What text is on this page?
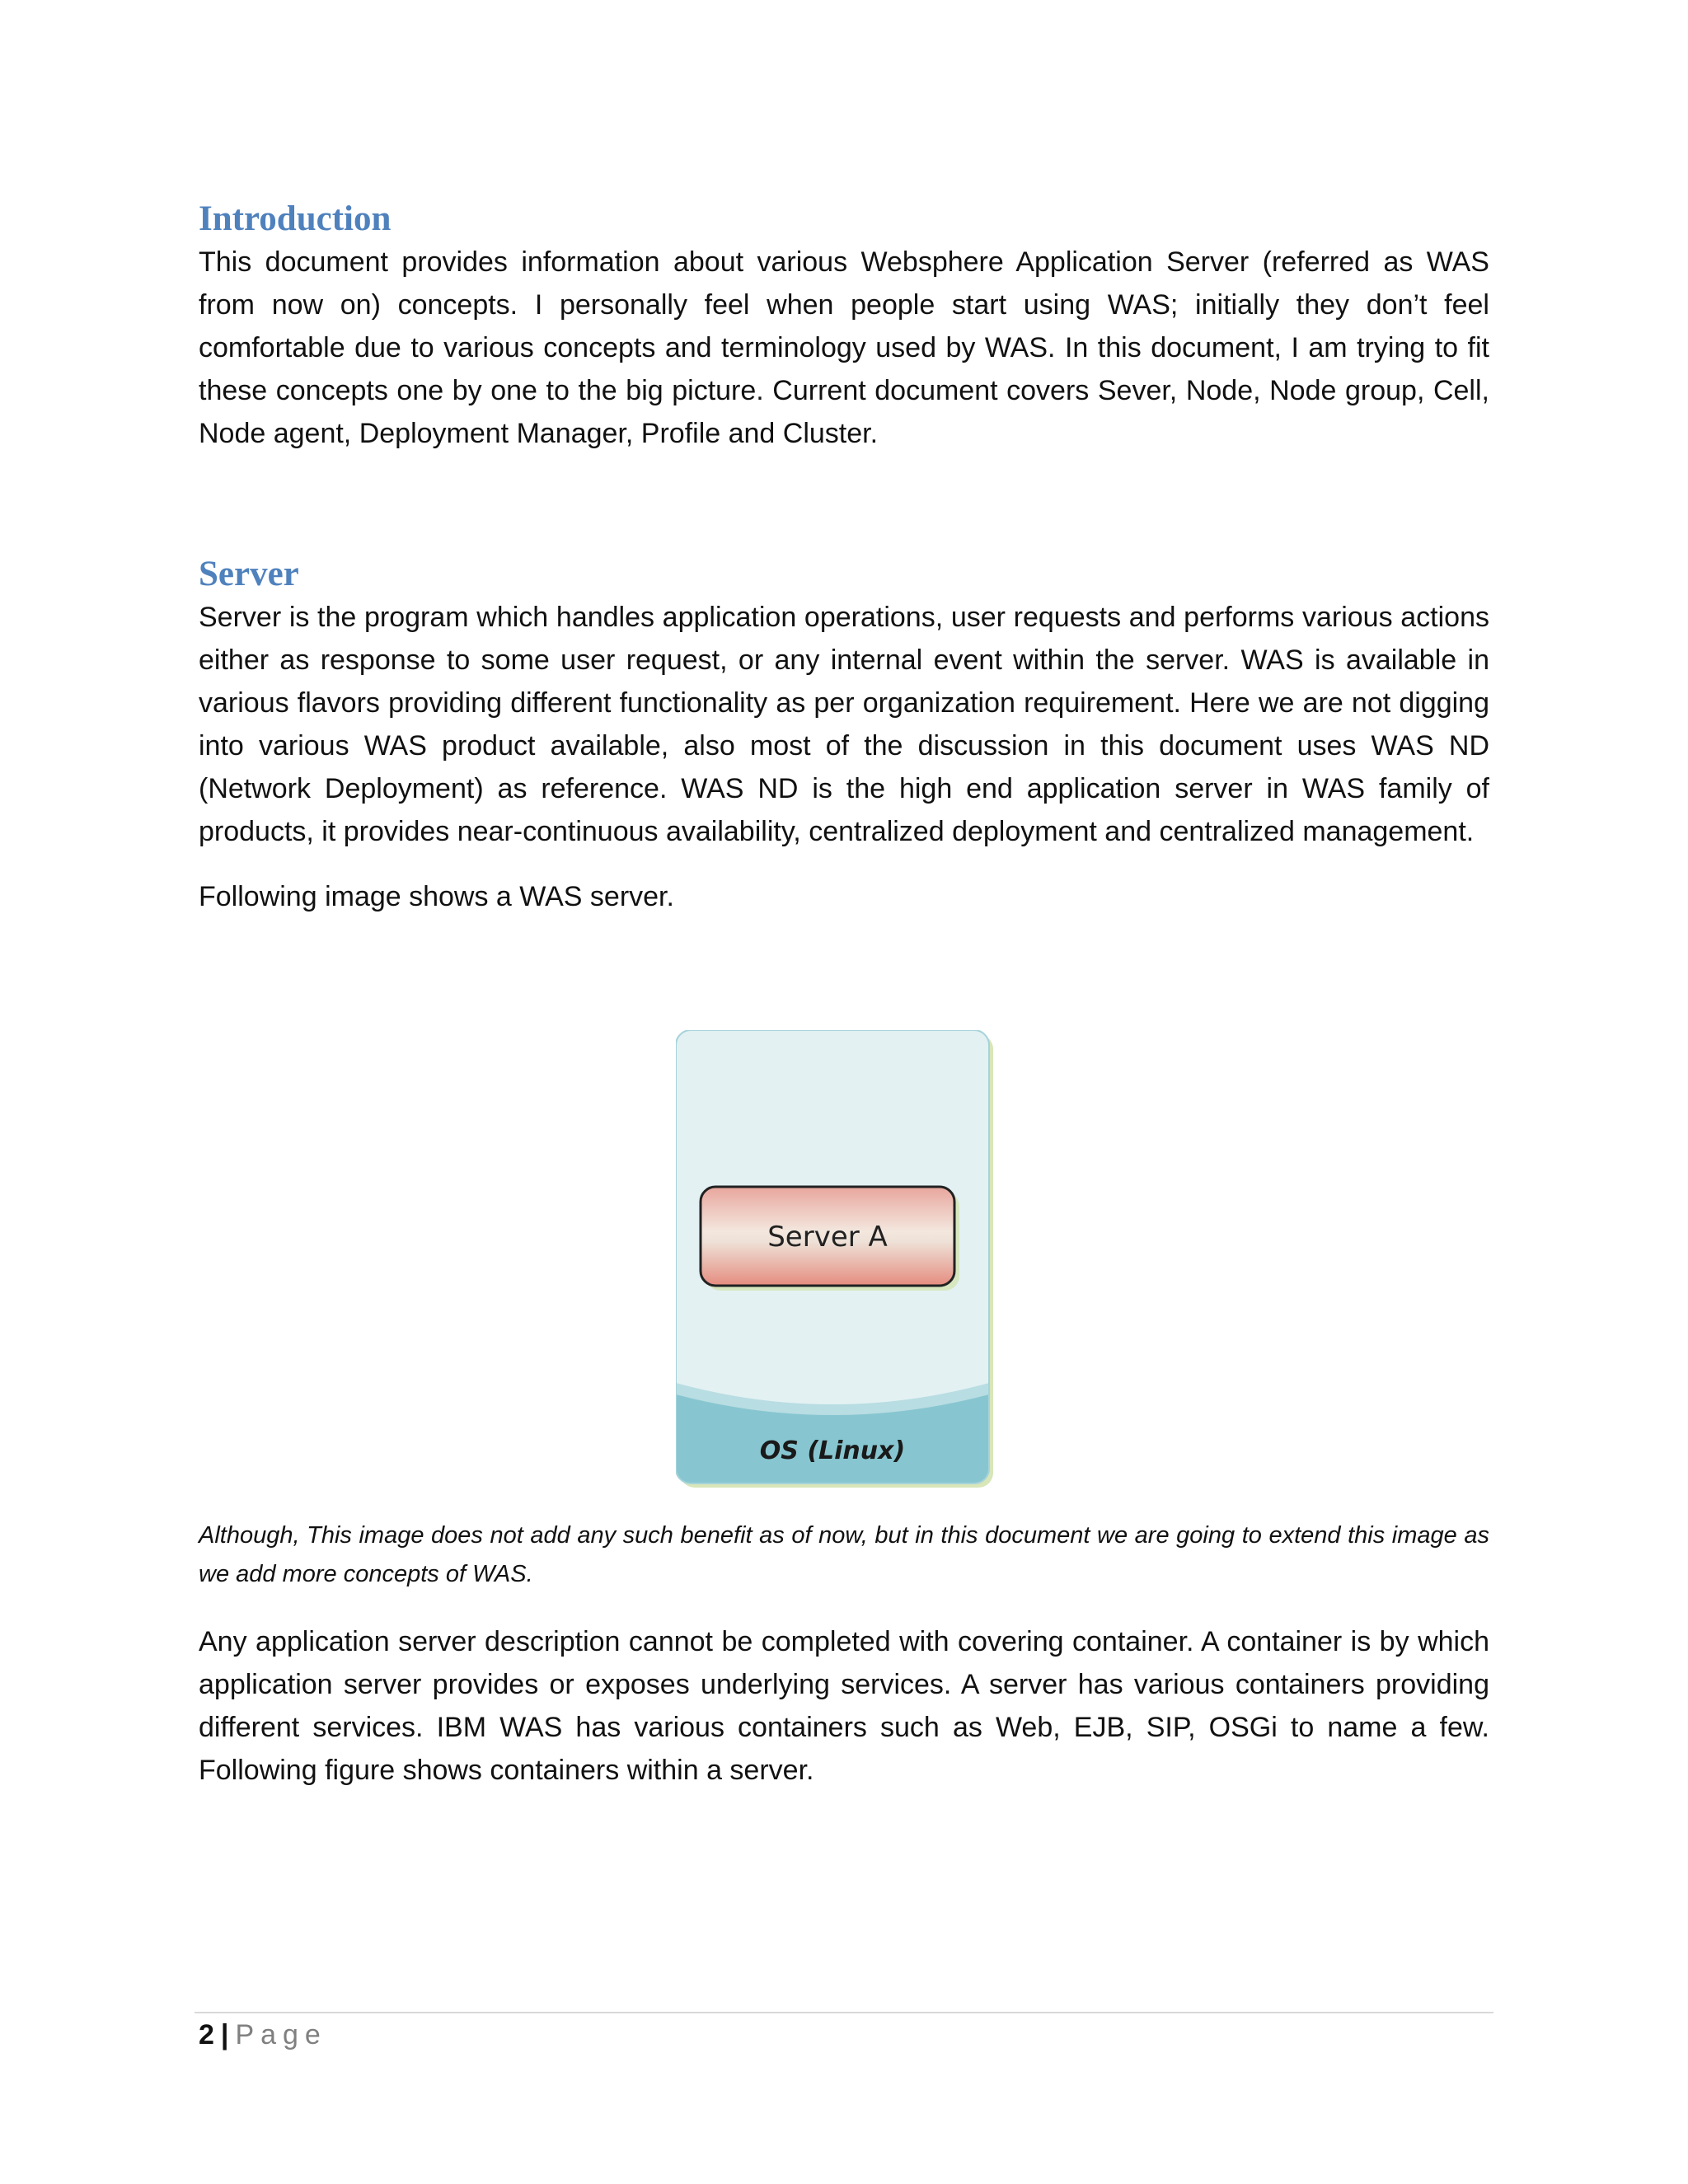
Introduction

This document provides information about various Websphere Application Server (referred as WAS from now on) concepts. I personally feel when people start using WAS; initially they don’t feel comfortable due to various concepts and terminology used by WAS. In this document, I am trying to fit these concepts one by one to the big picture. Current document covers Sever, Node, Node group, Cell, Node agent, Deployment Manager, Profile and Cluster.

Server

Server is the program which handles application operations, user requests and performs various actions either as response to some user request, or any internal event within the server. WAS is available in various flavors providing different functionality as per organization requirement. Here we are not digging into various WAS product available, also most of the discussion in this document uses WAS ND (Network Deployment) as reference. WAS ND is the high end application server in WAS family of products, it provides near-continuous availability, centralized deployment and centralized management.

Following image shows a WAS server.

Server A
OS (Linux)

Although, This image does not add any such benefit as of now, but in this document we are going to extend this image as we add more concepts of WAS.

Any application server description cannot be completed with covering container. A container is by which application server provides or exposes underlying services. A server has various containers providing different services. IBM WAS has various containers such as Web, EJB, SIP, OSGi to name a few. Following figure shows containers within a server.

2 | Page
